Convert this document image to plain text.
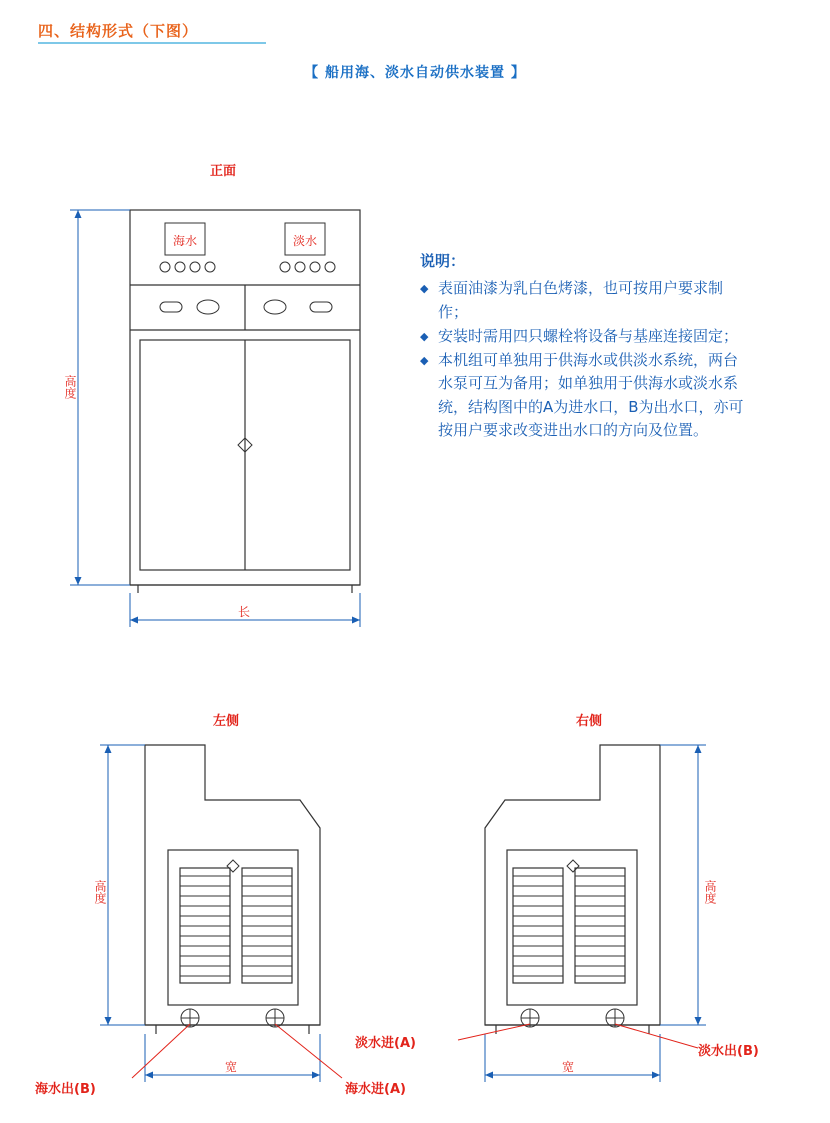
四、结构形式（下图）
【 船用海、淡水自动供水装置 】
说明：
◆ 表面油漆为乳白色烤漆，也可按用户要求制作；
◆ 安装时需用四只螺栓将设备与基座连接固定；
◆ 本机组可单独用于供海水或供淡水系统，两台水泵可互为备用；如单独用于供海水或淡水系统，结构图中的A为进水口，B为出水口，亦可按用户要求改变进出水口的方向及位置。
正面
海水	淡水
高度
长
左侧
高度
宽
海水出(B)	海水进(A)
右侧
高度
宽
淡水进(A)
淡水出(B)
